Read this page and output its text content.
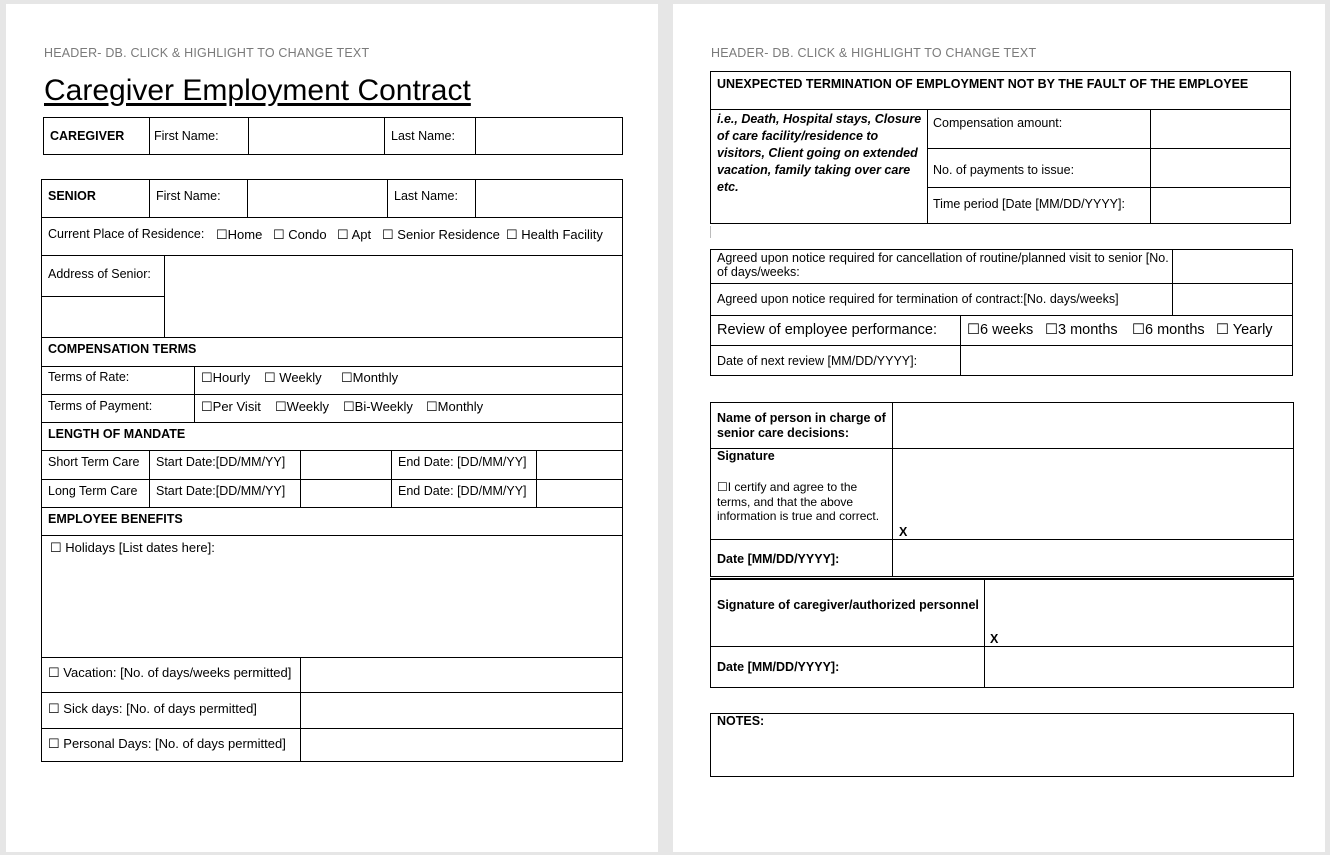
HEADER- DB. CLICK & HIGHLIGHT TO CHANGE TEXT
Caregiver Employment Contract
CAREGIVER First Name:	Last Name:
SENIOR	First Name:	Last Name:
Current Place of Residence: ☐Home ☐ Condo ☐ Apt ☐ Senior Residence ☐ Health Facility
Address of Senior:
COMPENSATION TERMS
Terms of Rate:	☐Hourly ☐ Weekly ☐Monthly
Terms of Payment:	☐Per Visit ☐Weekly ☐Bi-Weekly ☐Monthly
LENGTH OF MANDATE
Short Term Care Start Date:[DD/MM/YY]	End Date: [DD/MM/YY]
Long Term Care Start Date:[DD/MM/YY]	End Date: [DD/MM/YY]
EMPLOYEE BENEFITS
☐ Holidays [List dates here]:
☐ Vacation: [No. of days/weeks permitted]
☐ Sick days: [No. of days permitted]
☐ Personal Days: [No. of days permitted]
HEADER- DB. CLICK & HIGHLIGHT TO CHANGE TEXT
UNEXPECTED TERMINATION OF EMPLOYMENT NOT BY THE FAULT OF THE EMPLOYEE
i.e., Death, Hospital stays, Closure of care facility/residence to visitors, Client going on extended vacation, family taking over care etc.
Compensation amount:
No. of payments to issue:
Time period [Date [MM/DD/YYYY]:
Agreed upon notice required for cancellation of routine/planned visit to senior [No. of days/weeks:
Agreed upon notice required for termination of contract:[No. days/weeks]
Review of employee performance: ☐6 weeks ☐3 months ☐6 months ☐ Yearly
Date of next review [MM/DD/YYYY]:
Name of person in charge of senior care decisions:
Signature
☐I certify and agree to the terms, and that the above information is true and correct.
X
Date [MM/DD/YYYY]:
Signature of caregiver/authorized personnel
X
Date [MM/DD/YYYY]:
NOTES:
